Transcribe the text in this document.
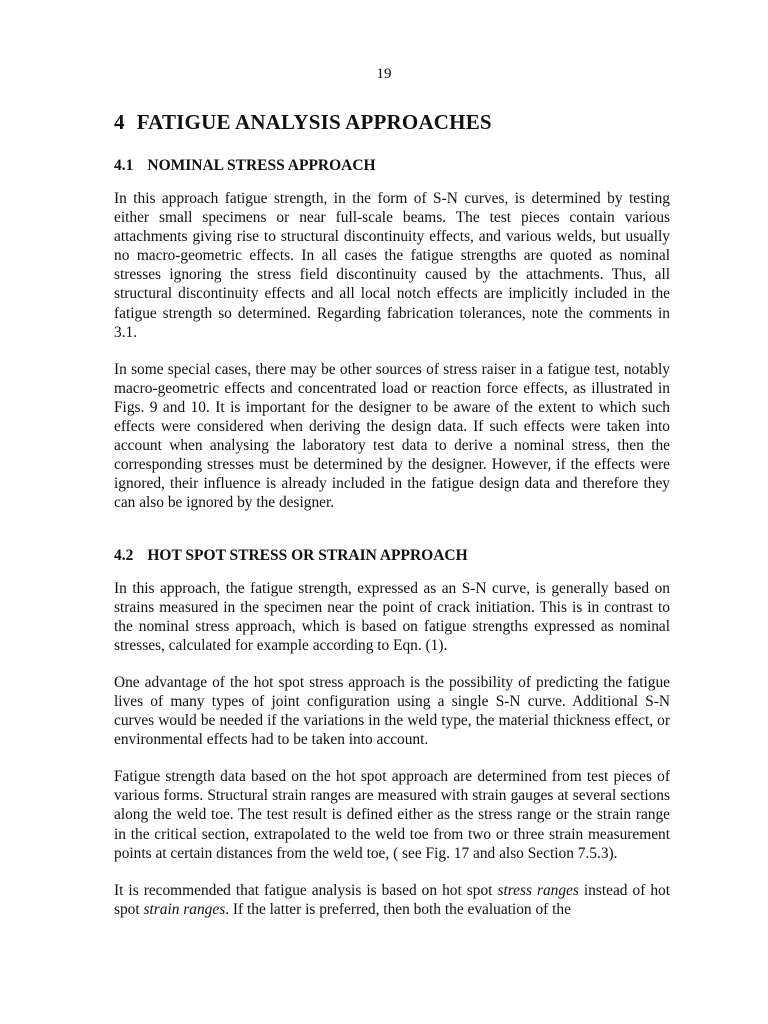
19
4 FATIGUE ANALYSIS APPROACHES
4.1 NOMINAL STRESS APPROACH

In this approach fatigue strength, in the form of S-N curves, is determined by testing either small specimens or near full-scale beams. The test pieces contain various attachments giving rise to structural discontinuity effects, and various welds, but usually no macro-geometric effects. In all cases the fatigue strengths are quoted as nominal stresses ignoring the stress field discontinuity caused by the attachments. Thus, all structural discontinuity effects and all local notch effects are implicitly included in the fatigue strength so determined. Regarding fabrication tolerances, note the comments in 3.1.

In some special cases, there may be other sources of stress raiser in a fatigue test, notably macro-geometric effects and concentrated load or reaction force effects, as illustrated in Figs. 9 and 10. It is important for the designer to be aware of the extent to which such effects were considered when deriving the design data. If such effects were taken into account when analysing the laboratory test data to derive a nominal stress, then the corresponding stresses must be determined by the designer. However, if the effects were ignored, their influence is already included in the fatigue design data and therefore they can also be ignored by the designer.

4.2 HOT SPOT STRESS OR STRAIN APPROACH

In this approach, the fatigue strength, expressed as an S-N curve, is generally based on strains measured in the specimen near the point of crack initiation. This is in contrast to the nominal stress approach, which is based on fatigue strengths expressed as nominal stresses, calculated for example according to Eqn. (1).

One advantage of the hot spot stress approach is the possibility of predicting the fatigue lives of many types of joint configuration using a single S-N curve. Additional S-N curves would be needed if the variations in the weld type, the material thickness effect, or environmental effects had to be taken into account.

Fatigue strength data based on the hot spot approach are determined from test pieces of various forms. Structural strain ranges are measured with strain gauges at several sections along the weld toe. The test result is defined either as the stress range or the strain range in the critical section, extrapolated to the weld toe from two or three strain measurement points at certain distances from the weld toe, ( see Fig. 17 and also Section 7.5.3).

It is recommended that fatigue analysis is based on hot spot stress ranges instead of hot spot strain ranges. If the latter is preferred, then both the evaluation of the
